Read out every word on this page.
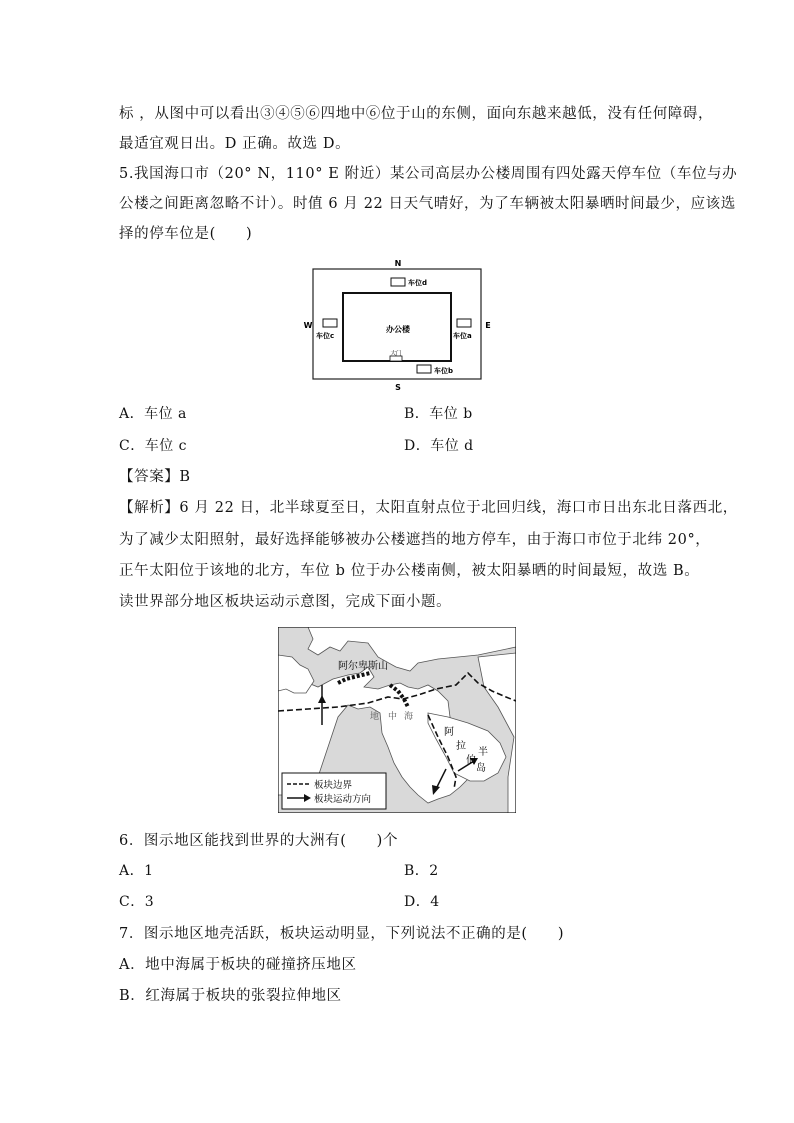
标 ，从图中可以看出③④⑤⑥四地中⑥位于山的东侧，面向东越来越低，没有任何障碍，
最适宜观日出。D 正确。故选 D。
5.我国海口市（20° N，110° E 附近）某公司高层办公楼周围有四处露天停车位（车位与办
公楼之间距离忽略不计）。时值 6 月 22 日天气晴好，为了车辆被太阳暴晒时间最少，应该选
择的停车位是(　　)
办公楼
大门
N
S
W	E
车位d
车位a
车位c
车位b
A．车位 a	B．车位 b
C．车位 c	D．车位 d
【答案】B
【解析】6 月 22 日，北半球夏至日，太阳直射点位于北回归线，海口市日出东北日落西北，
为了减少太阳照射，最好选择能够被办公楼遮挡的地方停车，由于海口市位于北纬 20°，
正午太阳位于该地的北方，车位 b 位于办公楼南侧，被太阳暴晒的时间最短，故选 B。
读世界部分地区板块运动示意图，完成下面小题。
阿尔卑斯山
地 中 海
阿
拉
伯
半
岛
板块边界
板块运动方向
6．图示地区能找到世界的大洲有(　　)个
A．1	B．2
C．3	D．4
7．图示地区地壳活跃，板块运动明显，下列说法不正确的是(　　)
A．地中海属于板块的碰撞挤压地区
B．红海属于板块的张裂拉伸地区
